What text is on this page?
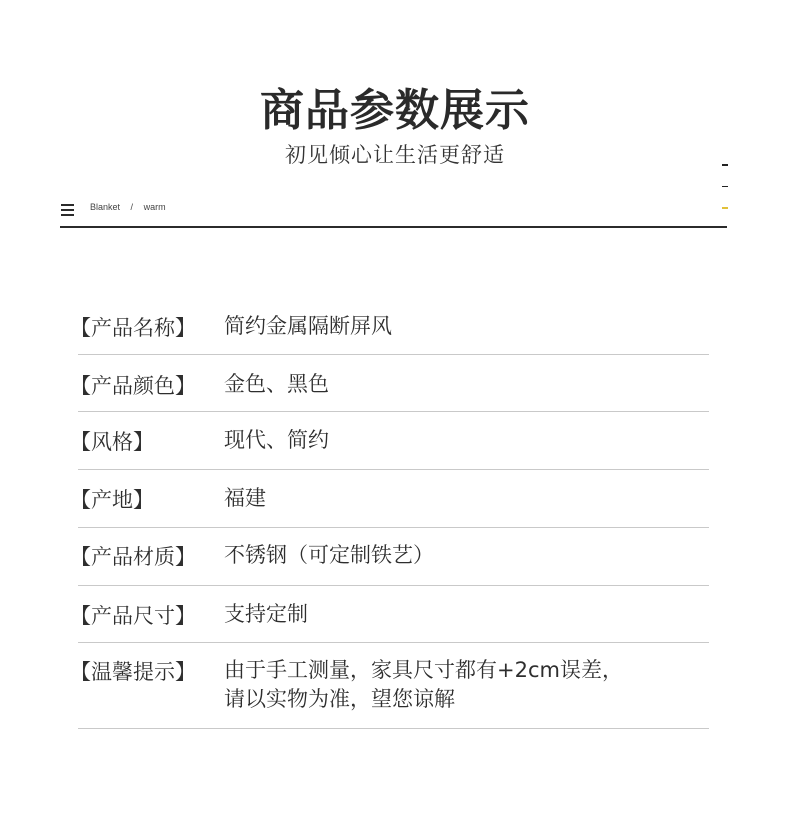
商品参数展示
初见倾心让生活更舒适
Blanket / warm
【产品名称】 简约金属隔断屏风
【产品颜色】 金色、黑色
【风格】	现代、简约
【产地】	福建
【产品材质】 不锈钢（可定制铁艺）
【产品尺寸】 支持定制
【温馨提示】 由于手工测量，家具尺寸都有+2cm误差，
请以实物为准，望您谅解
